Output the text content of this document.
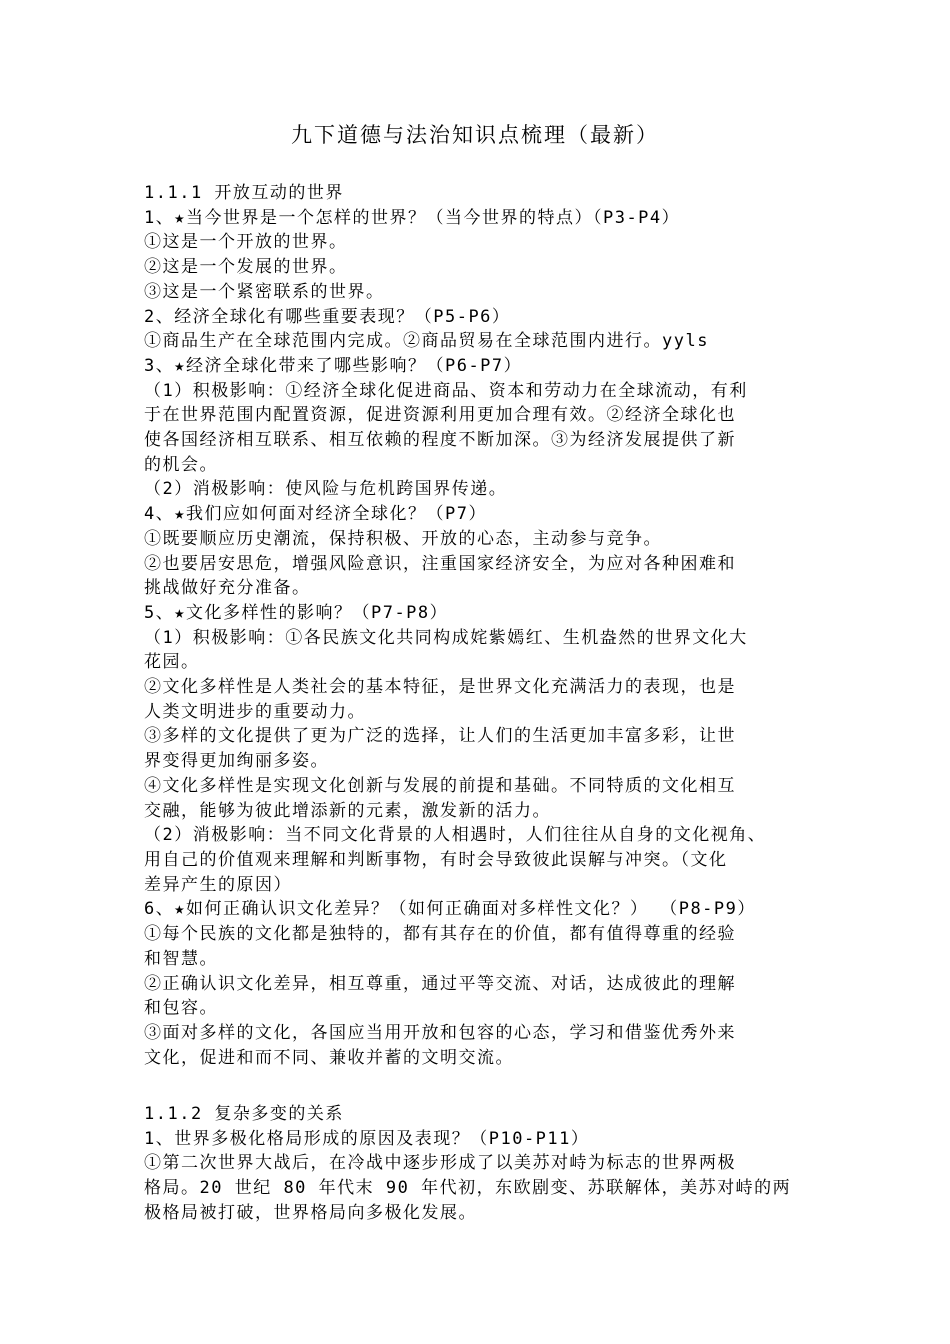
九下道德与法治知识点梳理（最新）
1.1.1 开放互动的世界
1、★当今世界是一个怎样的世界？（当今世界的特点）（P3-P4）
①这是一个开放的世界。
②这是一个发展的世界。
③这是一个紧密联系的世界。
2、经济全球化有哪些重要表现？（P5-P6）
①商品生产在全球范围内完成。②商品贸易在全球范围内进行。yyls
3、★经济全球化带来了哪些影响？（P6-P7）
（1）积极影响：①经济全球化促进商品、资本和劳动力在全球流动，有利
于在世界范围内配置资源，促进资源利用更加合理有效。②经济全球化也
使各国经济相互联系、相互依赖的程度不断加深。③为经济发展提供了新
的机会。
（2）消极影响：使风险与危机跨国界传递。
4、★我们应如何面对经济全球化？（P7）
①既要顺应历史潮流，保持积极、开放的心态，主动参与竞争。
②也要居安思危，增强风险意识，注重国家经济安全，为应对各种困难和
挑战做好充分准备。
5、★文化多样性的影响？（P7-P8）
（1）积极影响：①各民族文化共同构成姹紫嫣红、生机盎然的世界文化大
花园。
②文化多样性是人类社会的基本特征，是世界文化充满活力的表现，也是
人类文明进步的重要动力。
③多样的文化提供了更为广泛的选择，让人们的生活更加丰富多彩，让世
界变得更加绚丽多姿。
④文化多样性是实现文化创新与发展的前提和基础。不同特质的文化相互
交融，能够为彼此增添新的元素，激发新的活力。
（2）消极影响：当不同文化背景的人相遇时，人们往往从自身的文化视角、
用自己的价值观来理解和判断事物，有时会导致彼此误解与冲突。（文化
差异产生的原因）
6、★如何正确认识文化差异？（如何正确面对多样性文化？） （P8-P9）
①每个民族的文化都是独特的，都有其存在的价值，都有值得尊重的经验
和智慧。
②正确认识文化差异，相互尊重，通过平等交流、对话，达成彼此的理解
和包容。
③面对多样的文化，各国应当用开放和包容的心态，学习和借鉴优秀外来
文化，促进和而不同、兼收并蓄的文明交流。
1.1.2 复杂多变的关系
1、世界多极化格局形成的原因及表现？（P10-P11）
①第二次世界大战后，在冷战中逐步形成了以美苏对峙为标志的世界两极
格局。20 世纪 80 年代末 90 年代初，东欧剧变、苏联解体，美苏对峙的两
极格局被打破，世界格局向多极化发展。
